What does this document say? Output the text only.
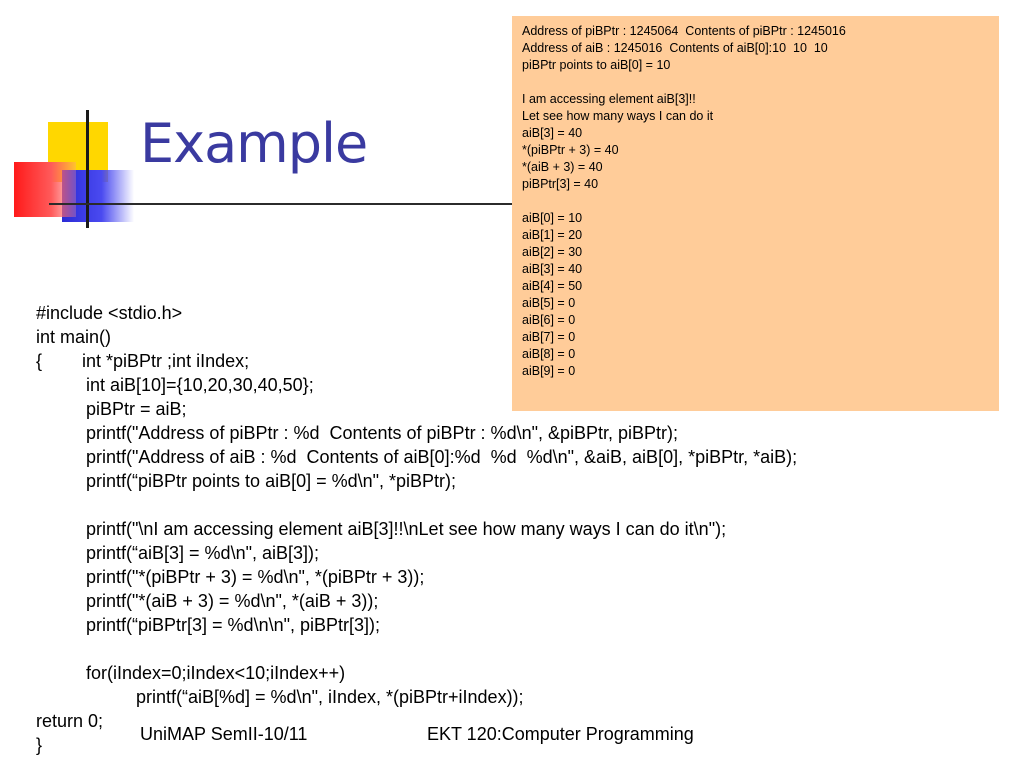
Example
Address of piBPtr : 1245064  Contents of piBPtr : 1245016
Address of aiB : 1245016  Contents of aiB[0]:10  10  10
piBPtr points to aiB[0] = 10
I am accessing element aiB[3]!!
Let see how many ways I can do it
aiB[3] = 40
*(piBPtr + 3) = 40
*(aiB + 3) = 40
piBPtr[3] = 40
aiB[0] = 10
aiB[1] = 20
aiB[2] = 30
aiB[3] = 40
aiB[4] = 50
aiB[5] = 0
aiB[6] = 0
aiB[7] = 0
aiB[8] = 0
aiB[9] = 0
#include <stdio.h>
int main()
{        int *piBPtr ;int iIndex;
int aiB[10]={10,20,30,40,50};
piBPtr = aiB;
printf("Address of piBPtr : %d  Contents of piBPtr : %d\n", &piBPtr, piBPtr);
printf("Address of aiB : %d  Contents of aiB[0]:%d  %d  %d\n", &aiB, aiB[0], *piBPtr, *aiB);
printf(“piBPtr points to aiB[0] = %d\n", *piBPtr);
printf("\nI am accessing element aiB[3]!!\nLet see how many ways I can do it\n");
printf(“aiB[3] = %d\n", aiB[3]);
printf("*(piBPtr + 3) = %d\n", *(piBPtr + 3));
printf("*(aiB + 3) = %d\n", *(aiB + 3));
printf(“piBPtr[3] = %d\n\n", piBPtr[3]);
for(iIndex=0;iIndex<10;iIndex++)
printf(“aiB[%d] = %d\n", iIndex, *(piBPtr+iIndex));
return 0;
}
UniMAP SemII-10/11	EKT 120:Computer Programming
